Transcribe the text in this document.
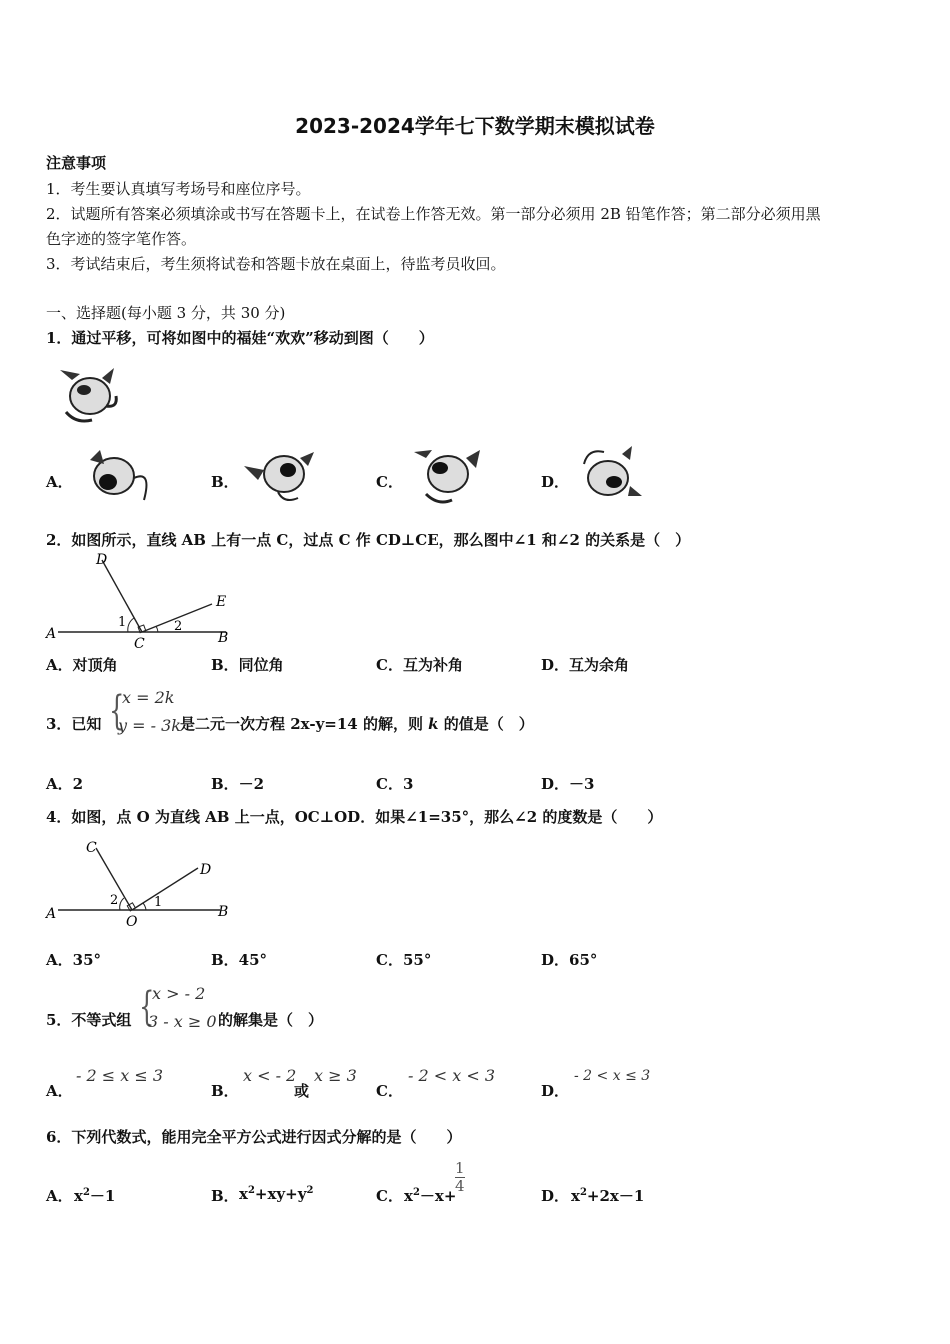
2023-2024学年七下数学期末模拟试卷
注意事项
1．考生要认真填写考场号和座位序号。
2．试题所有答案必须填涂或书写在答题卡上，在试卷上作答无效。第一部分必须用 2B 铅笔作答；第二部分必须用黑
色字迹的签字笔作答。
3．考试结束后，考生须将试卷和答题卡放在桌面上，待监考员收回。
一、选择题(每小题 3 分，共 30 分)
1．通过平移，可将如图中的福娃“欢欢”移动到图（　　）
A．	B．	C．	D．
2．如图所示，直线 AB 上有一点 C，过点 C 作 CD⊥CE，那么图中∠1 和∠2 的关系是（　）
D
E
A	B
C
1	2
A．对顶角	B．同位角	C．互为补角	D．互为余角
3．已知 {
x = 2k
y = - 3k 是二元一次方程 2x-y=14 的解，则 k 的值是（　）
A．2	B．－2	C．3	D．－3
4．如图，点 O 为直线 AB 上一点，OC⊥OD．如果∠1=35°，那么∠2 的度数是（　　）
C
D
A	B
O
2	1
A．35°	B．45°	C．55°	D．65°
5．不等式组 {
x > - 2
3 - x ≥ 0 的解集是（　）
A．
- 2 ≤ x ≤ 3
B．
x < - 2
或
x ≥ 3
C．
- 2 < x < 3
D．
- 2 < x ≤ 3
6．下列代数式，能用完全平方公式进行因式分解的是（　　）
A． $x^2-1$	B． $x^2+xy+y^2$	C． $x^2-x+$
$\frac{1}{4}$
D． $x^2+2x-1$
